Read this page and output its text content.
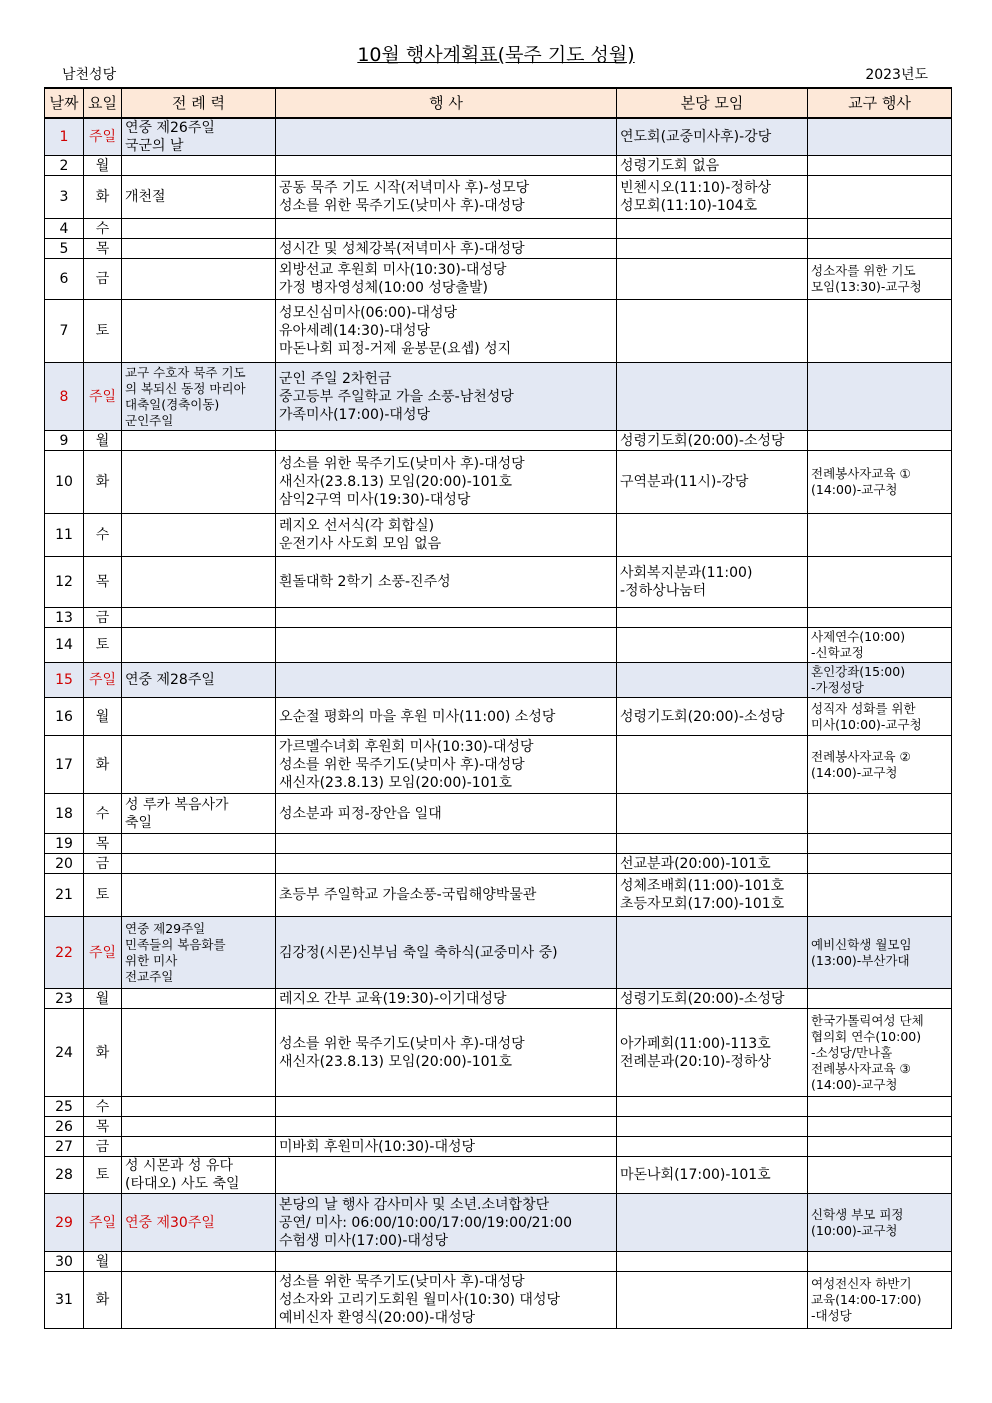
10월 행사계획표(묵주 기도 성월)
남천성당	2023년도
날짜	요일	전 례 력	행 사	본당 모임	교구 행사
1	주일	연중 제26주일
국군의 날		연도회(교중미사후)-강당	

2	월			성령기도회 없음	

3	화	개천절	공동 묵주 기도 시작(저녁미사 후)-성모당
성소를 위한 묵주기도(낮미사 후)-대성당	빈첸시오(11:10)-정하상
성모회(11:10)-104호	

4	수				
5	목		성시간 및 성체강복(저녁미사 후)-대성당		

6	금		외방선교 후원회 미사(10:30)-대성당
가정 병자영성체(10:00 성당출발)		성소자를 위한 기도
모임(13:30)-교구청

7	토		성모신심미사(06:00)-대성당
유아세례(14:30)-대성당
마돈나회 피정-거제 윤봉문(요셉) 성지		

8	주일	교구 수호자 묵주 기도
의 복되신 동정 마리아
대축일(경축이동)
군인주일	군인 주일 2차헌금
중고등부 주일학교 가을 소풍-남천성당
가족미사(17:00)-대성당		

9	월			성령기도회(20:00)-소성당	

10	화		성소를 위한 묵주기도(낮미사 후)-대성당
새신자(23.8.13) 모임(20:00)-101호
삼익2구역 미사(19:30)-대성당	구역분과(11시)-강당	전례봉사자교육 ①
(14:00)-교구청

11	수		레지오 선서식(각 회합실)
운전기사 사도회 모임 없음		

12	목		흰돌대학 2학기 소풍-진주성	사회복지분과(11:00)
-정하상나눔터	

13	금				
14	토				사제연수(10:00)
-신학교정

15	주일	연중 제28주일			혼인강좌(15:00)
-가정성당

16	월		오순절 평화의 마을 후원 미사(11:00) 소성당	성령기도회(20:00)-소성당	성직자 성화를 위한
미사(10:00)-교구청

17	화		가르멜수녀회 후원회 미사(10:30)-대성당
성소를 위한 묵주기도(낮미사 후)-대성당
새신자(23.8.13) 모임(20:00)-101호		전례봉사자교육 ②
(14:00)-교구청

18	수	성 루카 복음사가
축일	성소분과 피정-장안읍 일대		

19	목				
20	금			선교분과(20:00)-101호	

21	토		초등부 주일학교 가을소풍-국립해양박물관	성체조배회(11:00)-101호
초등자모회(17:00)-101호	

22	주일	연중 제29주일
민족들의 복음화를
위한 미사
전교주일	김강정(시몬)신부님 축일 축하식(교중미사 중)		예비신학생 월모임
(13:00)-부산가대

23	월		레지오 간부 교육(19:30)-이기대성당	성령기도회(20:00)-소성당	

24	화		성소를 위한 묵주기도(낮미사 후)-대성당
새신자(23.8.13) 모임(20:00)-101호	아가페회(11:00)-113호
전례분과(20:10)-정하상	한국가톨릭여성 단체
협의회 연수(10:00)
-소성당/만나홀
전례봉사자교육 ③
(14:00)-교구청

25	수				
26	목				
27	금		미바회 후원미사(10:30)-대성당		

28	토	성 시몬과 성 유다
(타대오) 사도 축일		마돈나회(17:00)-101호	

29	주일	연중 제30주일	본당의 날 행사 감사미사 및 소년.소녀합창단
공연/ 미사: 06:00/10:00/17:00/19:00/21:00
수험생 미사(17:00)-대성당		신학생 부모 피정
(10:00)-교구청

30	월				
31	화		성소를 위한 묵주기도(낮미사 후)-대성당
성소자와 고리기도회원 월미사(10:30) 대성당
예비신자 환영식(20:00)-대성당		여성전신자 하반기
교육(14:00-17:00)
-대성당
